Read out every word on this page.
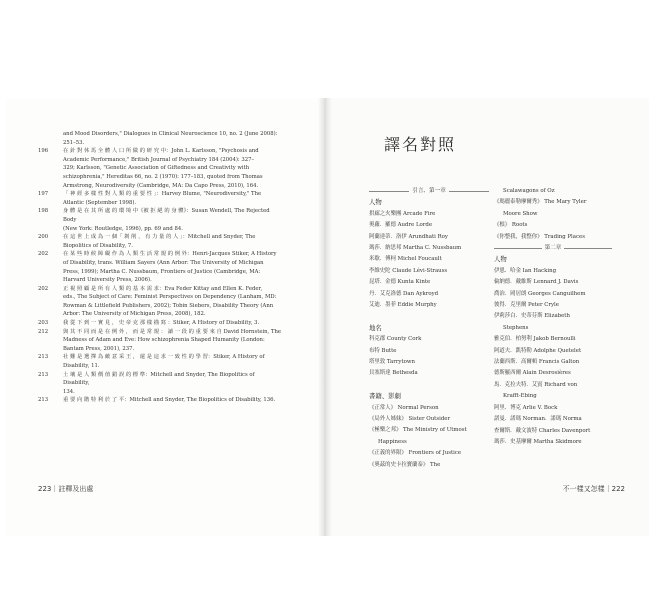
and Mood Disorders," Dialogues in Clinical Neuroscience 10, no. 2 (June 2008):
251–53.
196	在 針 對 休 馬 全 體 人 口 所 做 的 研 究 中：John L. Karlsson, "Psychosis and
Academic Performance," British Journal of Psychiatry 184 (2004): 327–
329; Karlsson, "Genetic Association of Giftedness and Creativity with
schizophrenia," Hereditas 66, no. 2 (1970): 177–183, quoted from Thomas
Armstrong, Neurodiversity (Cambridge, MA: Da Capo Press, 2010), 164.
197	「 神 經 多 樣 性 對 人 類 的 重 要 性 」：Harvey Blume, "Neurodiversity," The
Atlantic (September 1998).
198	身 體 是 在 其 所 處 的 環 境 中《被 拒 絕 的 身 體》：Susan Wendell, The Rejected Body
(New York: Routledge, 1996), pp. 69 and 84.
200	在 這 世 上 成 為 一 個「 剝 削 、 有 力 量 的 人 」：Mitchell and Snyder, The
Biopolitics of Disability, 7.
202	在 某 些 時 候 障 礙 作 為 人 類 生 活 常 規 的 例 外：Henri-Jacques Stiker, A History
of Disability, trans. William Sayers (Ann Arbor: The University of Michigan
Press, 1999); Martha C. Nussbaum, Frontiers of Justice (Cambridge, MA:
Harvard University Press, 2006).
202	正 視 照 顧 是 所 有 人 類 的 基 本 需 求：Eva Feder Kittay and Ellen K. Feder,
eds., The Subject of Care: Feminist Perspectives on Dependency (Lanham, MD:
Rowman & Littlefield Publishers, 2002); Tobin Siebers, Disability Theory (Ann
Arbor: The University of Michigan Press, 2008), 182.
203	我 從 下 到 一 實 見 ， 史 帝 克 那 樣 描 寫 ：Stiker, A History of Disability, 3.
212	與 其 不 同 而 是 在 例 外 ， 而 是 常 規 ： 讀 一 段 的 重 要 來 自 David Hornstein, The
Madness of Adam and Eve: How schizophrenia Shaped Humanity (London:
Bantam Press, 2001), 237.
213	社 難 是 選 擇 為 敵 意 采 王 ， 還 是 這 求 一 致 性 的 學 習：Stiker, A History of
Disability, 11.
213	土 壤 是 人 類 價 值 錯 誤 的 標 準：Mitchell and Snyder, The Biopolitics of Disability,
134.
213	重 要 向 階 特 利 於 了 平：Mitchell and Snyder, The Biopolitics of Disability, 136.
223｜註釋及出處	不一樣又怎樣｜222
譯名對照
引言、第一章
人物
拱廊之火樂團 Arcade Fire
奧蘿．羅德 Audre Lorde
阿蘭達蒂．洛伊 Arundhati Roy
瑪莎．納思邦 Martha C. Nussbaum
米歇．傅柯 Michel Foucault
李維史陀 Claude Lévi-Strauss
昆塔．金德 Kunta Kinte
丹．艾克洛德 Dan Aykroyd
艾迪．墨菲 Eddie Murphy
地名
科克郡 County Cork
布特 Butte
塔里敦 Tarrytown
貝塞斯達 Bethesda
書籍、影劇
《正常人》 Normal Person
《局外人姊妹》 Sister Outsider
《極樂之邦》 The Ministry of Utmost
Happiness
《正義的界限》 Frontiers of Justice
《奧茲的史卡拉寶蘭泰》 The
Scalawagons of Oz
《瑪麗泰勒摩爾秀》 The Mary Tyler
Moore Show
《根》 Roots
《你整我，我整你》 Trading Places
第二章
人物
伊恩．哈金 Ian Hacking
倫納德．戴維斯 Lennard J. Davis
喬治．岡居朗 Georges Canguilhem
彼得．克里爾 Peter Cryle
伊莉莎白．史蒂芬斯 Elizabeth
Stephens
雅克伯．柏努利 Jakob Bernoulli
阿道夫．凱特勒 Adolphe Quetelet
法蘭西斯．高爾頓 Francis Galton
德斯羅西爾 Alain Desrosières
馬．克拉夫特．艾賓 Richard von
Krafft-Ebing
阿里．博克 Arlie V. Bock
諾曼．諾瑪 Norman．諾瑪 Norma
查爾斯．戴文波特 Charles Davenport
瑪莎．史基摩爾 Martha Skidmore
